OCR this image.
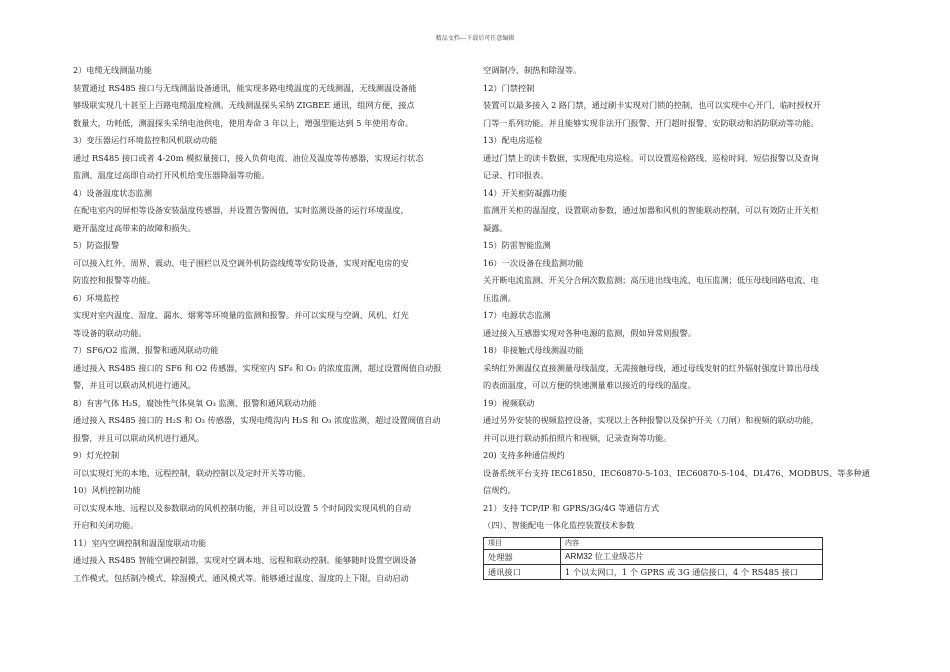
精品文档---下载后可任意编辑

2）电缆无线测温功能

装置通过 RS485 接口与无线测温设备通讯，能实现多路电缆温度的无线测温，无线测温设备能

够级联实现几十甚至上百路电缆温度检测。无线测温探头采纳 ZIGBEE 通讯，组网方便，接点

数量大，功耗低，测温探头采纳电池供电，使用寿命 3 年以上，增强型能达到 5 年使用寿命。

3）变压器运行环境监控和风机联动功能

通过 RS485 接口或者 4-20m 模拟量接口，接入负荷电流、油位及温度等传感器，实现运行状态

监测、温度过高即自动打开风机给变压器降温等功能。

4）设备温度状态监测

在配电室内的屏柜等设备安装温度传感器，并设置告警阀值，实时监测设备的运行环境温度，

避开温度过高带来的故障和损失。

5）防盗报警

可以接入红外、周界、震动、电子围栏以及空调外机防盗线缆等安防设备，实现对配电房的安

防监控和报警等功能。

6）环境监控

实现对室内温度、湿度、漏水、烟雾等环境量的监测和报警。并可以实现与空调、风机、灯光

等设备的联动功能。

7）SF6/O2 监测、报警和通风联动功能

通过接入 RS485 接口的 SF6 和 O2 传感器，实现室内 SF₆ 和 O₂ 的浓度监测，超过设置阀值自动报

警，并且可以联动风机进行通风。

8）有害气体 H₂S，腐蚀性气体臭氧 O₃ 监测、报警和通风联动功能

通过接入 RS485 接口的 H₂S 和 O₃ 传感器，实现电缆沟内 H₂S 和 O₃ 浓度监测，超过设置阀值自动

报警，并且可以联动风机进行通风。

9）灯光控制

可以实现灯光的本地、远程控制，联动控制以及定时开关等功能。

10）风机控制功能

可以实现本地、远程以及参数联动的风机控制功能，并且可以设置 5 个时间段实现风机的自动

开启和关闭功能。

11）室内空调控制和温湿度联动功能

通过接入 RS485 智能空调控制器，实现对空调本地、远程和联动控制。能够随时设置空调设备

工作模式，包括制冷模式、除湿模式、通风模式等。能够通过温度、湿度的上下限，自动启动

空调制冷、制热和除湿等。

12）门禁控制

装置可以最多接入 2 路门禁，通过刷卡实现对门锁的控制，也可以实现中心开门、临时授权开

门等一系列功能。并且能够实现非法开门报警、开门超时报警、安防联动和消防联动等功能。

13）配电房巡检

通过门禁上的读卡数据，实现配电房巡检。可以设置巡检路线、巡检时间、短信报警以及查询

记录、打印报表。

14）开关柜防凝露功能

监测开关柜的温湿度，设置联动参数，通过加器和风机的智能联动控制，可以有效防止开关柜

凝露。

15）防雷智能监测

16）一次设备在线监测功能

关开断电流监测、开关分合闸次数监测；高压进出线电流、电压监测；低压母线回路电流、电

压监测。

17）电源状态监测

通过接入互感器实现对各种电源的监测，假如异常则报警。

18）非接触式母线测温功能

采纳红外测温仪直接测量母线温度，无需接触母线，通过母线发射的红外辐射强度计算出母线

的表面温度，可以方便的快速测量难以接近的母线的温度。

19）视频联动

通过另外安装的视频监控设备，实现以上各种报警以及保护开关（刀闸）和视频的联动功能，

并可以进行联动抓拍照片和视频，记录查询等功能。

20) 支持多种通信规约

设备系统平台支持 IEC61850、IEC60870-5-103、IEC60870-5-104、DL476、MODBUS、等多种通

信规约。

21）支持 TCP/IP 和 GPRS/3G/4G 等通信方式

（四）、智能配电一体化监控装置技术参数

项目	内容
处理器	ARM32 位工业级芯片
通讯接口	1 个以太网口，1 个 GPRS 或 3G 通信接口，4 个 RS485 接口
